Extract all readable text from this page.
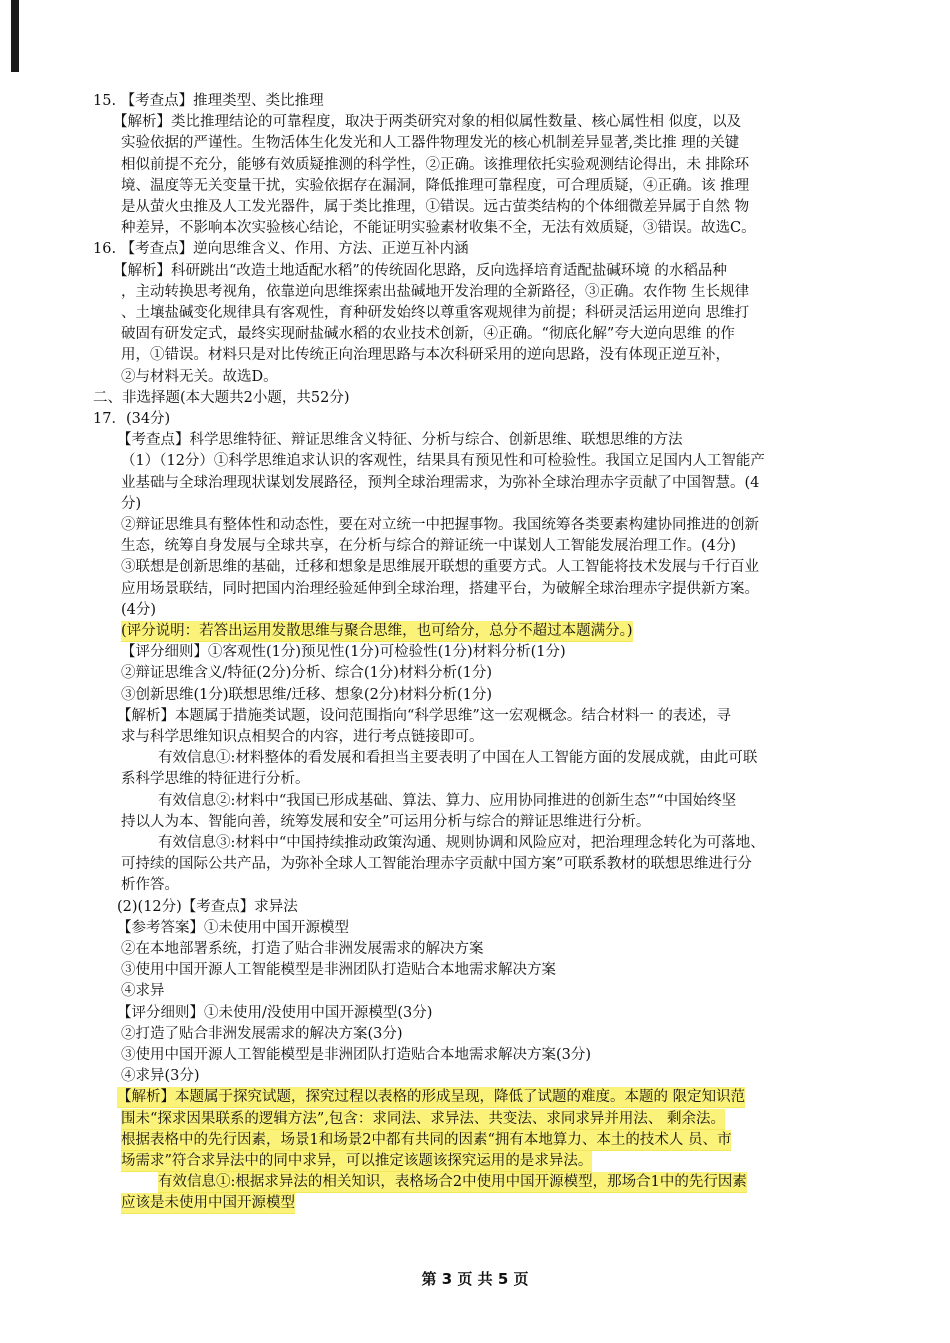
15. 【考查点】推理类型、类比推理
【解析】类比推理结论的可靠程度，取决于两类研究对象的相似属性数量、核心属性相 似度，以及
实验依据的严谨性。生物活体生化发光和人工器件物理发光的核心机制差异显著,类比推 理的关键
相似前提不充分，能够有效质疑推测的科学性，②正确。该推理依托实验观测结论得出，未 排除环
境、温度等无关变量干扰，实验依据存在漏洞，降低推理可靠程度，可合理质疑，④正确。该 推理
是从萤火虫推及人工发光器件，属于类比推理，①错误。远古萤类结构的个体细微差异属于自然 物
种差异，不影响本次实验核心结论，不能证明实验素材收集不全，无法有效质疑，③错误。故选C。
16. 【考查点】逆向思维含义、作用、方法、正逆互补内涵
【解析】科研跳出“改造土地适配水稻”的传统固化思路，反向选择培育适配盐碱环境 的水稻品种
，主动转换思考视角，依靠逆向思维探索出盐碱地开发治理的全新路径，③正确。农作物 生长规律
、土壤盐碱变化规律具有客观性，育种研发始终以尊重客观规律为前提；科研灵活运用逆向 思维打
破固有研发定式，最终实现耐盐碱水稻的农业技术创新，④正确。“彻底化解”夸大逆向思维 的作
用，①错误。材料只是对比传统正向治理思路与本次科研采用的逆向思路，没有体现正逆互补，
②与材料无关。故选D。
二、非选择题(本大题共2小题，共52分)
17．(34分)
【考查点】科学思维特征、辩证思维含义特征、分析与综合、创新思维、联想思维的方法
（1）（12分）①科学思维追求认识的客观性，结果具有预见性和可检验性。我国立足国内人工智能产
业基础与全球治理现状谋划发展路径，预判全球治理需求，为弥补全球治理赤字贡献了中国智慧。(4
分)
②辩证思维具有整体性和动态性，要在对立统一中把握事物。我国统筹各类要素构建协同推进的创新
生态，统筹自身发展与全球共享，在分析与综合的辩证统一中谋划人工智能发展治理工作。(4分)
③联想是创新思维的基础，迁移和想象是思维展开联想的重要方式。人工智能将技术发展与千行百业
应用场景联结，同时把国内治理经验延伸到全球治理，搭建平台，为破解全球治理赤字提供新方案。
(4分)
(评分说明：若答出运用发散思维与聚合思维，也可给分，总分不超过本题满分。)
【评分细则】①客观性(1分)预见性(1分)可检验性(1分)材料分析(1分)
②辩证思维含义/特征(2分)分析、综合(1分)材料分析(1分)
③创新思维(1分)联想思维/迁移、想象(2分)材料分析(1分)
【解析】本题属于措施类试题，设问范围指向“科学思维”这一宏观概念。结合材料一 的表述，寻
求与科学思维知识点相契合的内容，进行考点链接即可。
有效信息①:材料整体的看发展和看担当主要表明了中国在人工智能方面的发展成就，由此可联
系科学思维的特征进行分析。
有效信息②:材料中“我国已形成基础、算法、算力、应用协同推进的创新生态”“中国始终坚
持以人为本、智能向善，统筹发展和安全”可运用分析与综合的辩证思维进行分析。
有效信息③:材料中“中国持续推动政策沟通、规则协调和风险应对，把治理理念转化为可落地、
可持续的国际公共产品，为弥补全球人工智能治理赤字贡献中国方案”可联系教材的联想思维进行分
析作答。
(2)(12分)【考查点】求异法
【参考答案】①未使用中国开源模型
②在本地部署系统，打造了贴合非洲发展需求的解决方案
③使用中国开源人工智能模型是非洲团队打造贴合本地需求解决方案
④求异
【评分细则】①未使用/没使用中国开源模型(3分)
②打造了贴合非洲发展需求的解决方案(3分)
③使用中国开源人工智能模型是非洲团队打造贴合本地需求解决方案(3分)
④求异(3分)
【解析】本题属于探究试题，探究过程以表格的形成呈现，降低了试题的难度。本题的 限定知识范
围未“探求因果联系的逻辑方法”,包含：求同法、求异法、共变法、求同求异并用法、 剩余法。
根据表格中的先行因素，场景1和场景2中都有共同的因素“拥有本地算力、本土的技术人 员、市
场需求”符合求异法中的同中求异，可以推定该题该探究运用的是求异法。
有效信息①:根据求异法的相关知识，表格场合2中使用中国开源模型，那场合1中的先行因素
应该是未使用中国开源模型
第 3 页 共 5 页
